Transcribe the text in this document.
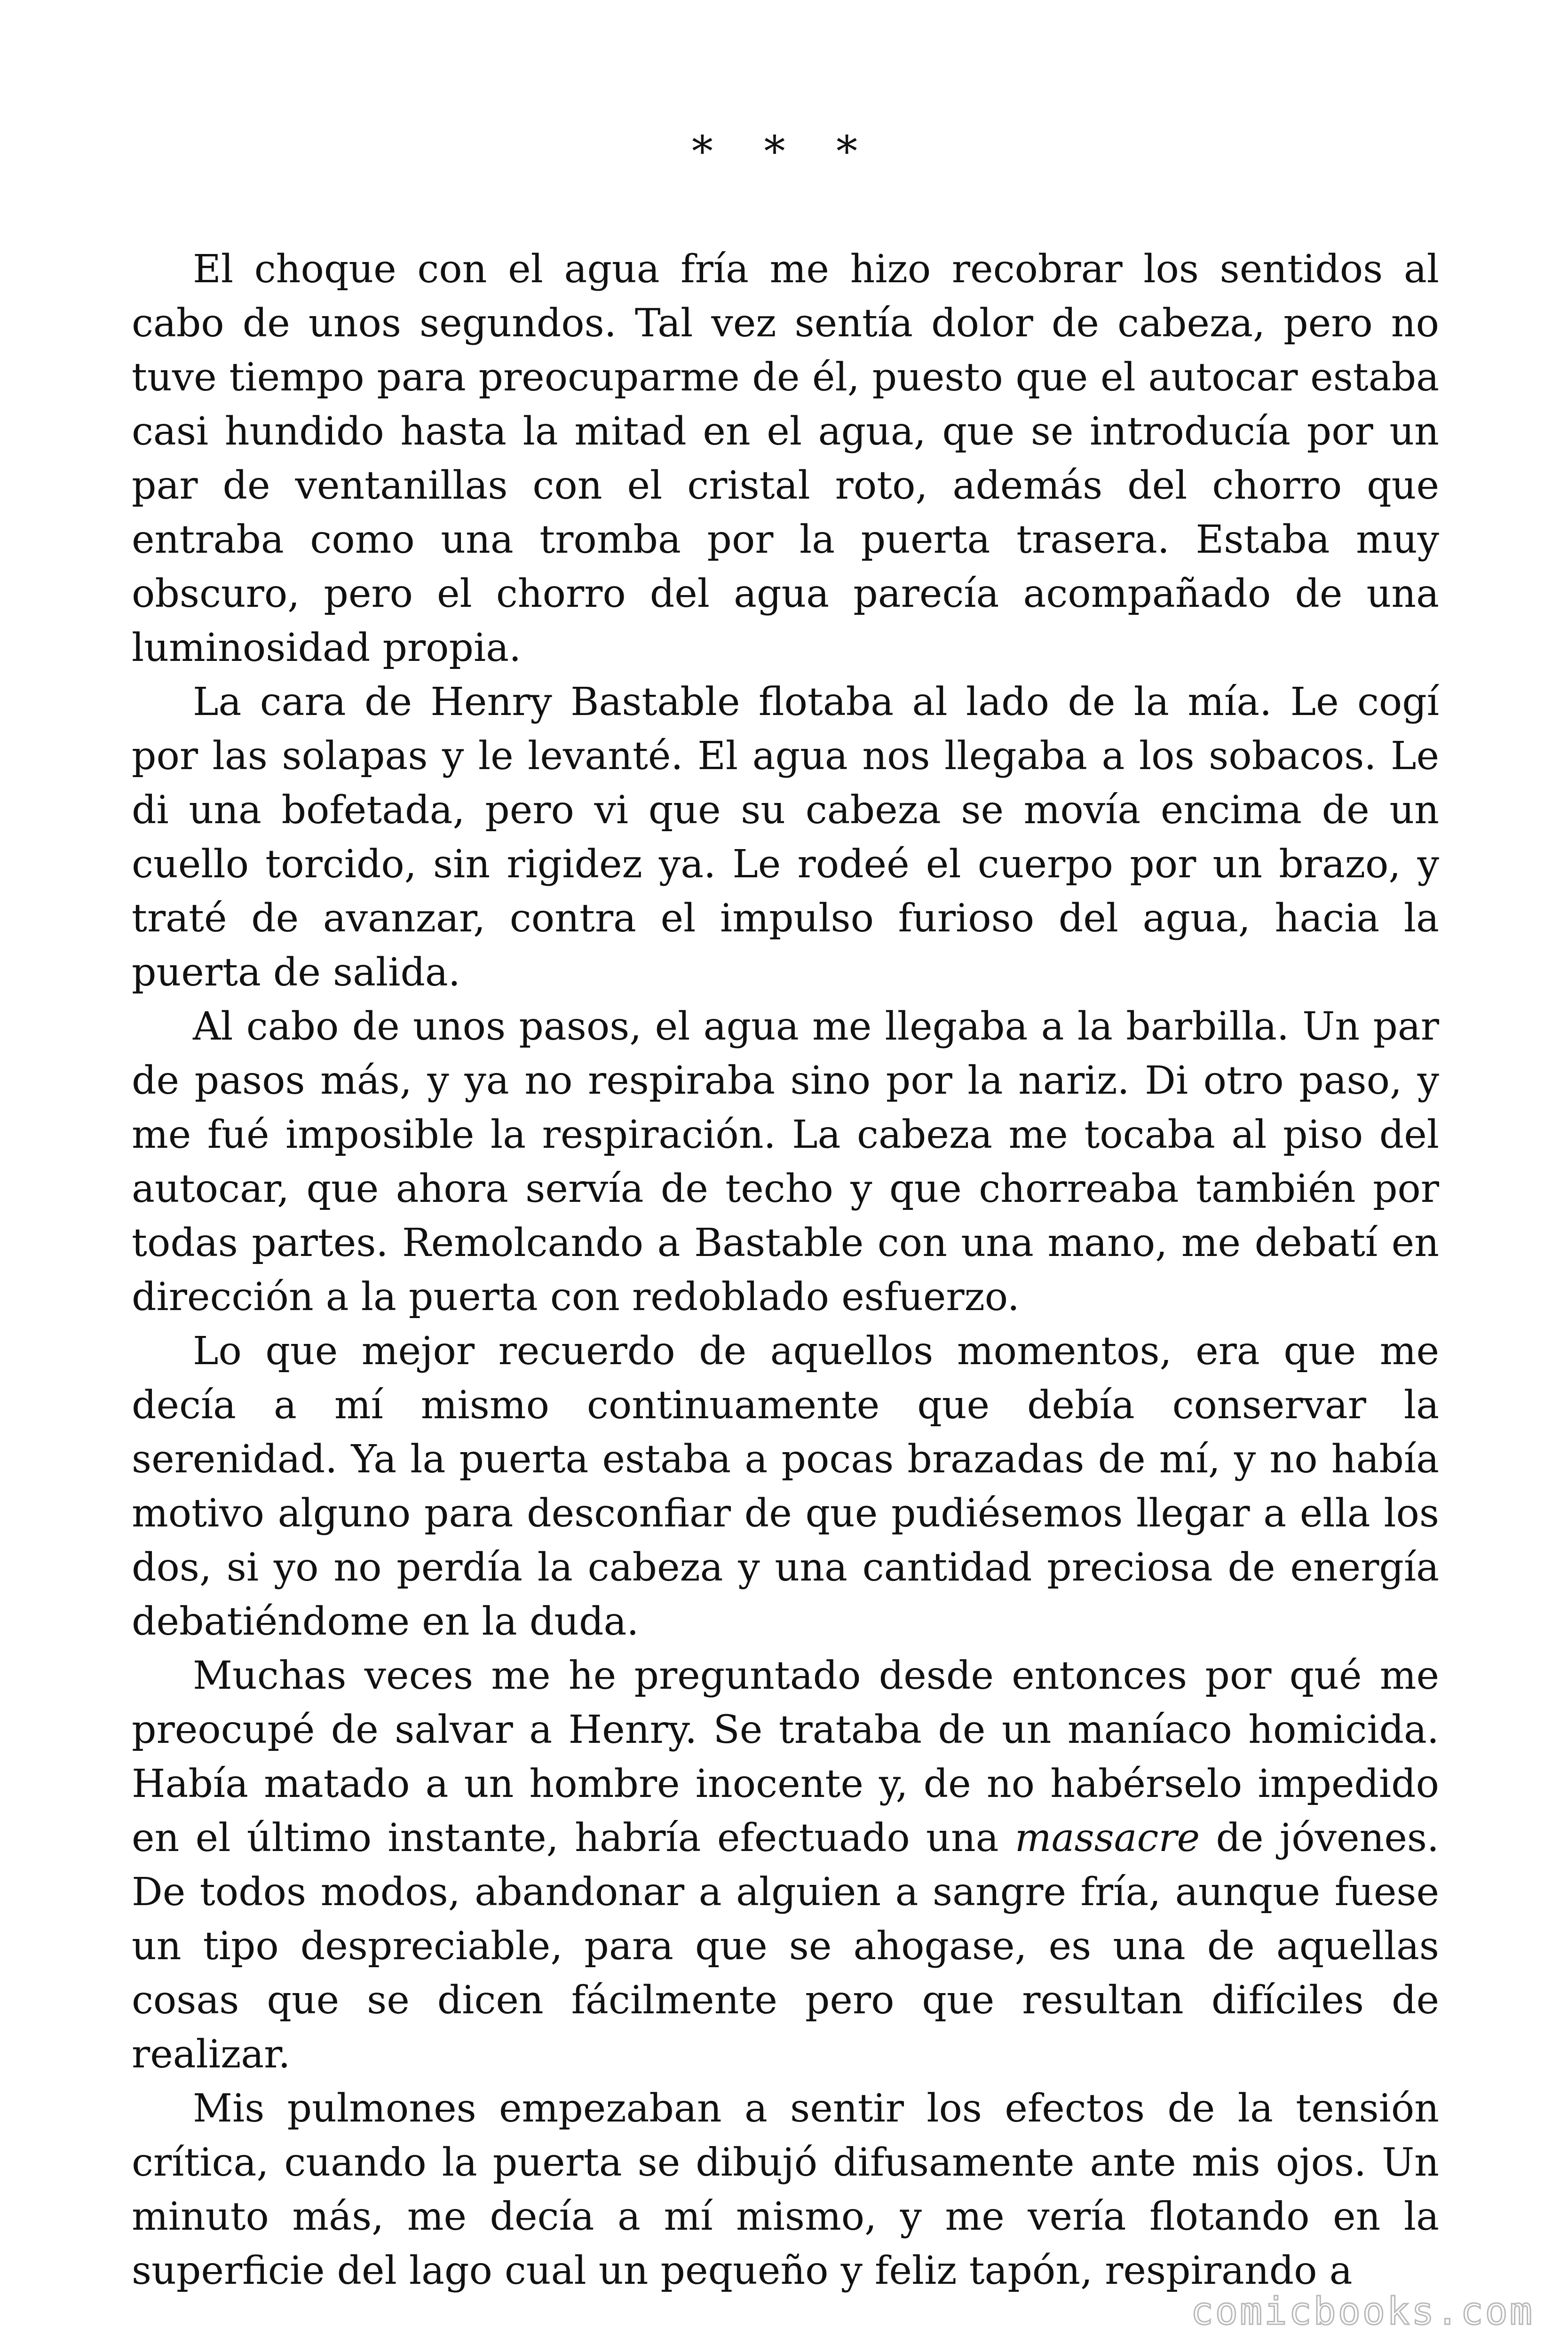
* * *

El choque con el agua fría me hizo recobrar los sentidos al cabo de unos segundos. Tal vez sentía dolor de cabeza, pero no tuve tiempo para preocuparme de él, puesto que el autocar estaba casi hundido hasta la mitad en el agua, que se introducía por un par de ventanillas con el cristal roto, además del chorro que entraba como una tromba por la puerta trasera. Estaba muy obscuro, pero el chorro del agua parecía acompañado de una luminosidad propia.

La cara de Henry Bastable flotaba al lado de la mía. Le cogí por las solapas y le levanté. El agua nos llegaba a los sobacos. Le di una bofetada, pero vi que su cabeza se movía encima de un cuello torcido, sin rigidez ya. Le rodeé el cuerpo por un brazo, y traté de avanzar, contra el impulso furioso del agua, hacia la puerta de salida.

Al cabo de unos pasos, el agua me llegaba a la barbilla. Un par de pasos más, y ya no respiraba sino por la nariz. Di otro paso, y me fué imposible la respiración. La cabeza me tocaba al piso del autocar, que ahora servía de techo y que chorreaba también por todas partes. Remolcando a Bastable con una mano, me debatí en dirección a la puerta con redoblado esfuerzo.

Lo que mejor recuerdo de aquellos momentos, era que me decía a mí mismo continuamente que debía conservar la serenidad. Ya la puerta estaba a pocas brazadas de mí, y no había motivo alguno para desconfiar de que pudiésemos llegar a ella los dos, si yo no perdía la cabeza y una cantidad preciosa de energía debatiéndome en la duda.

Muchas veces me he preguntado desde entonces por qué me preocupé de salvar a Henry. Se trataba de un maníaco homicida. Había matado a un hombre inocente y, de no habérselo impedido en el último instante, habría efectuado una massacre de jóvenes. De todos modos, abandonar a alguien a sangre fría, aunque fuese un tipo despreciable, para que se ahogase, es una de aquellas cosas que se dicen fácilmente pero que resultan difíciles de realizar.

Mis pulmones empezaban a sentir los efectos de la tensión crítica, cuando la puerta se dibujó difusamente ante mis ojos. Un minuto más, me decía a mí mismo, y me vería flotando en la superficie del lago cual un pequeño y feliz tapón, respirando a

comicbooks.com
